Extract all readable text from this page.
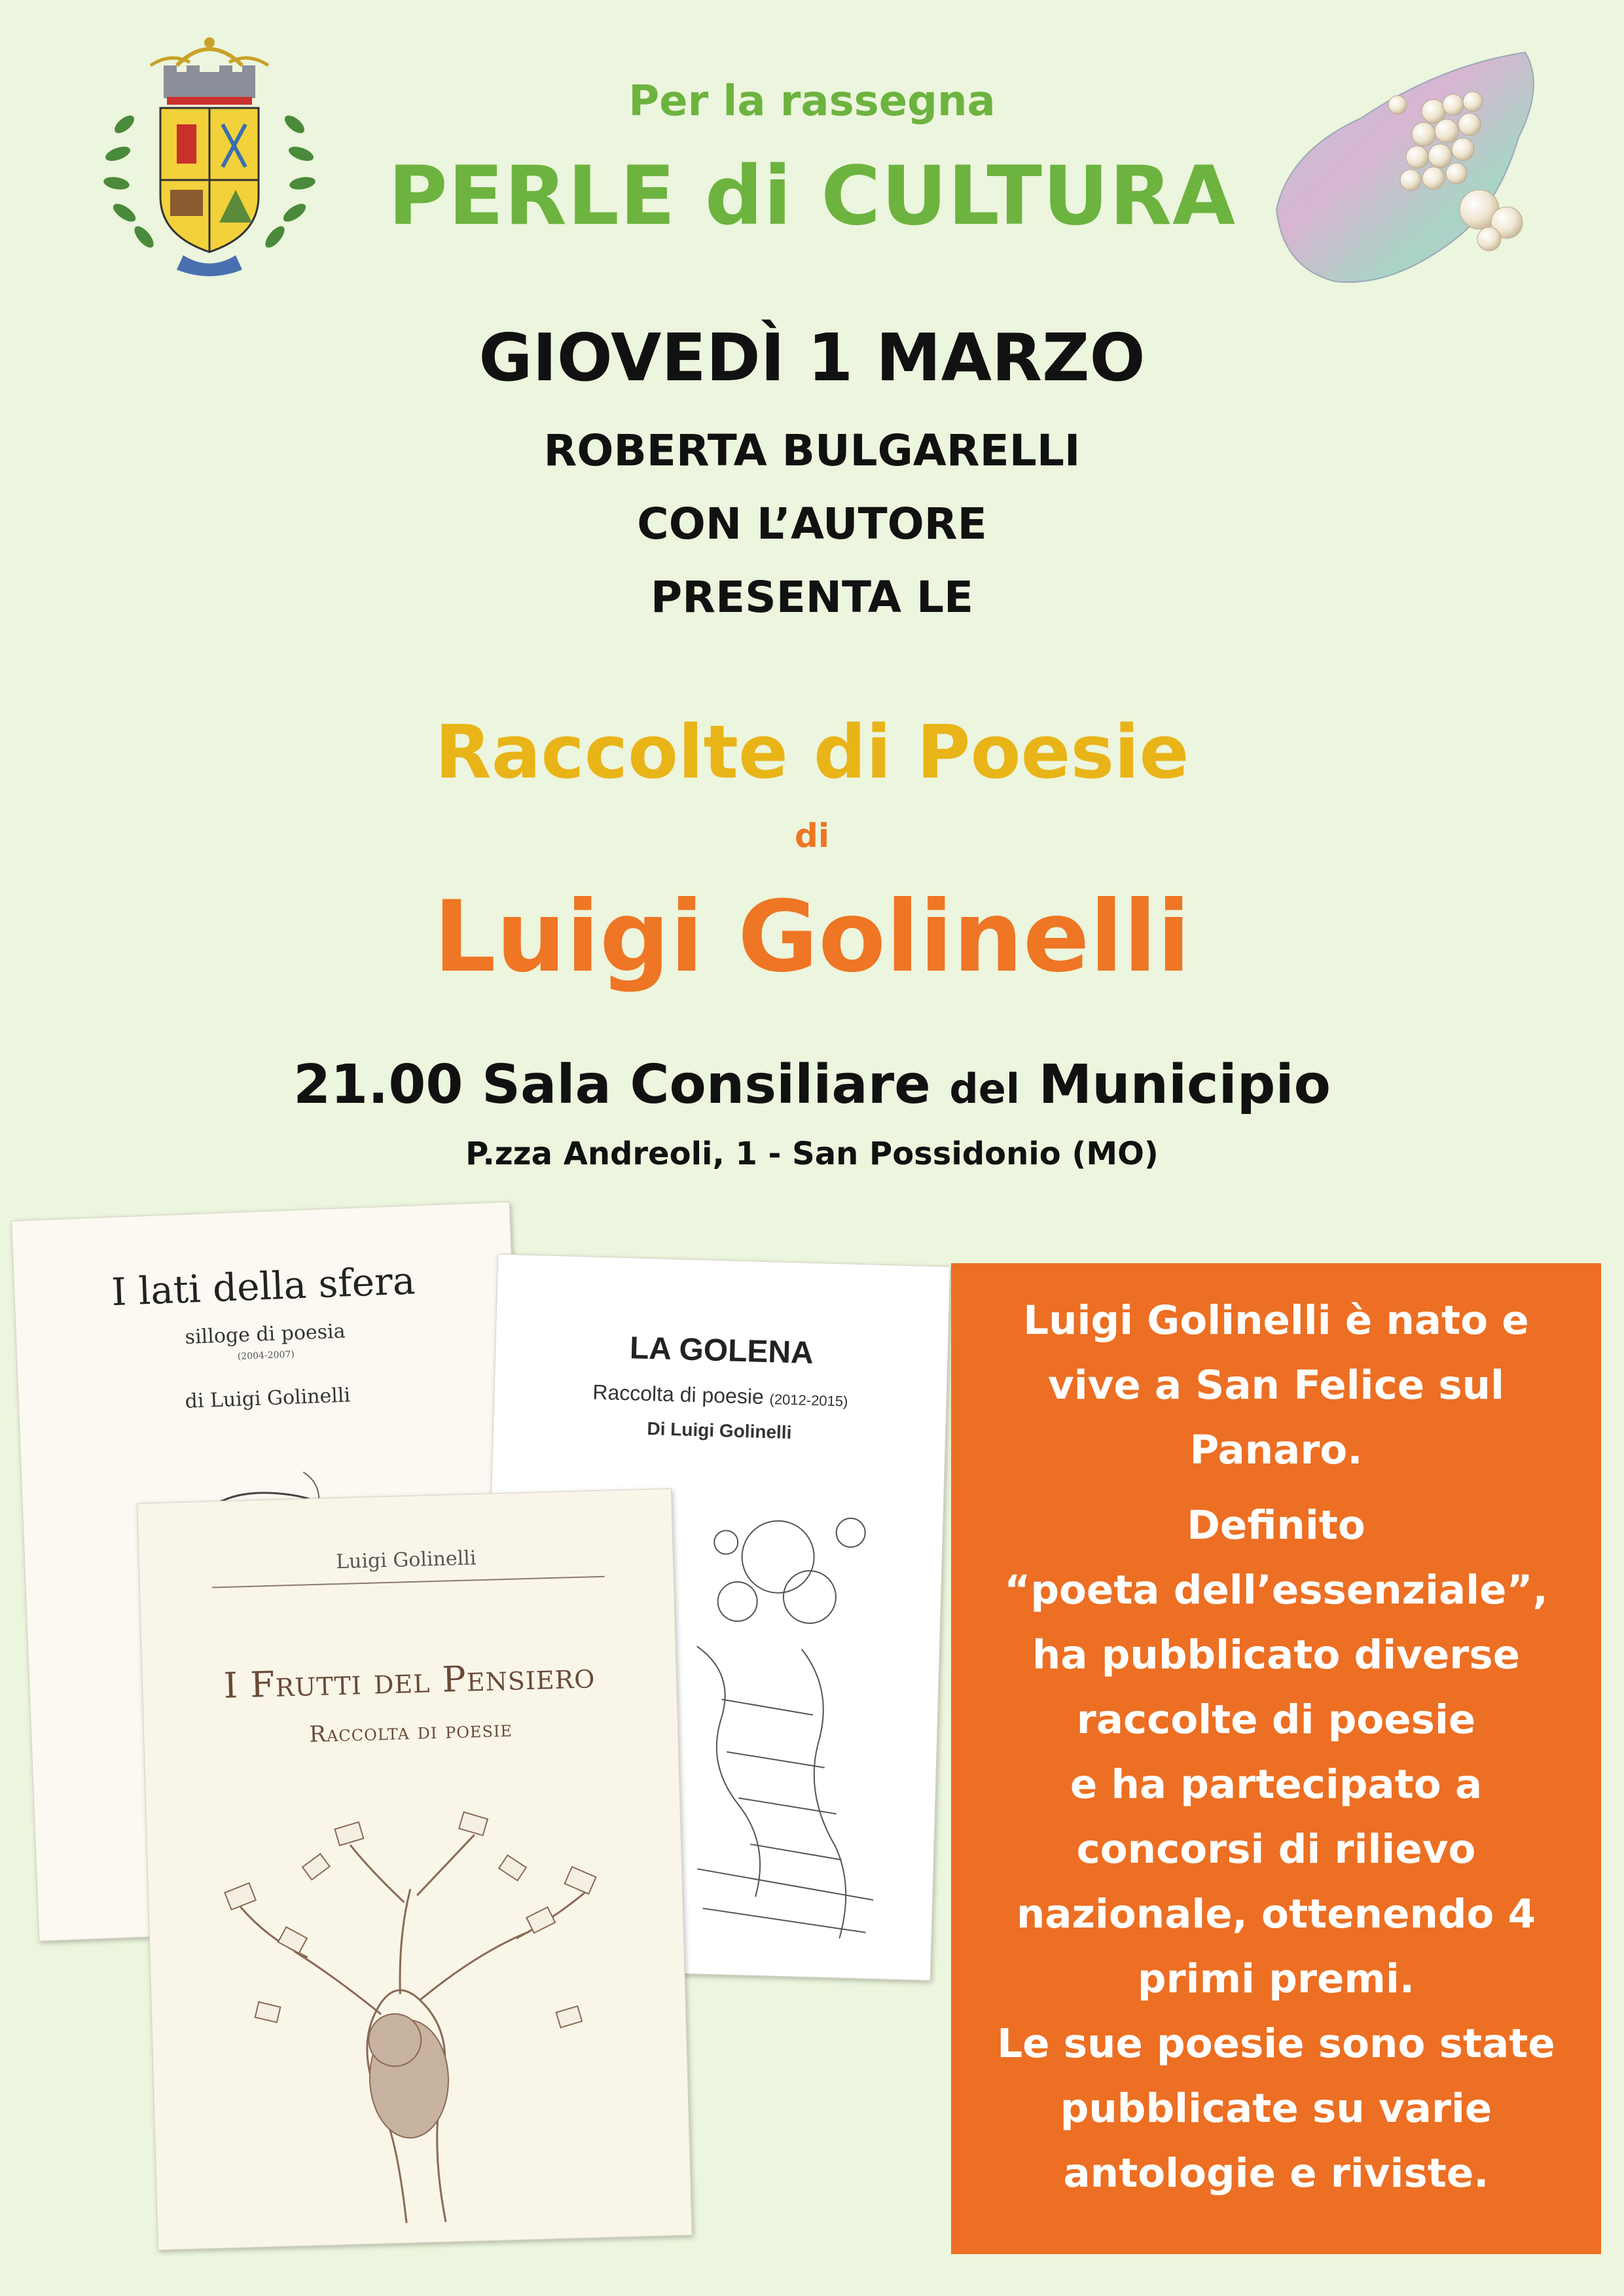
Per la rassegna
PERLE di CULTURA
GIOVEDÌ 1 MARZO
ROBERTA BULGARELLI
CON L’AUTORE
PRESENTA LE
Raccolte di Poesie
di
Luigi Golinelli
21.00 Sala Consiliare del Municipio
P.zza Andreoli, 1 - San Possidonio (MO)
I lati della sfera
silloge di poesia
(2004-2007)
di Luigi Golinelli
LA GOLENA
Raccolta di poesie (2012-2015)
Di Luigi Golinelli
Luigi Golinelli
I Frutti del Pensiero
Raccolta di poesie
Luigi Golinelli è nato e
vive a San Felice sul
Panaro.
Definito
“poeta dell’essenziale”,
ha pubblicato diverse
raccolte di poesie
e ha partecipato a
concorsi di rilievo
nazionale, ottenendo 4
primi premi.
Le sue poesie sono state
pubblicate su varie
antologie e riviste.
